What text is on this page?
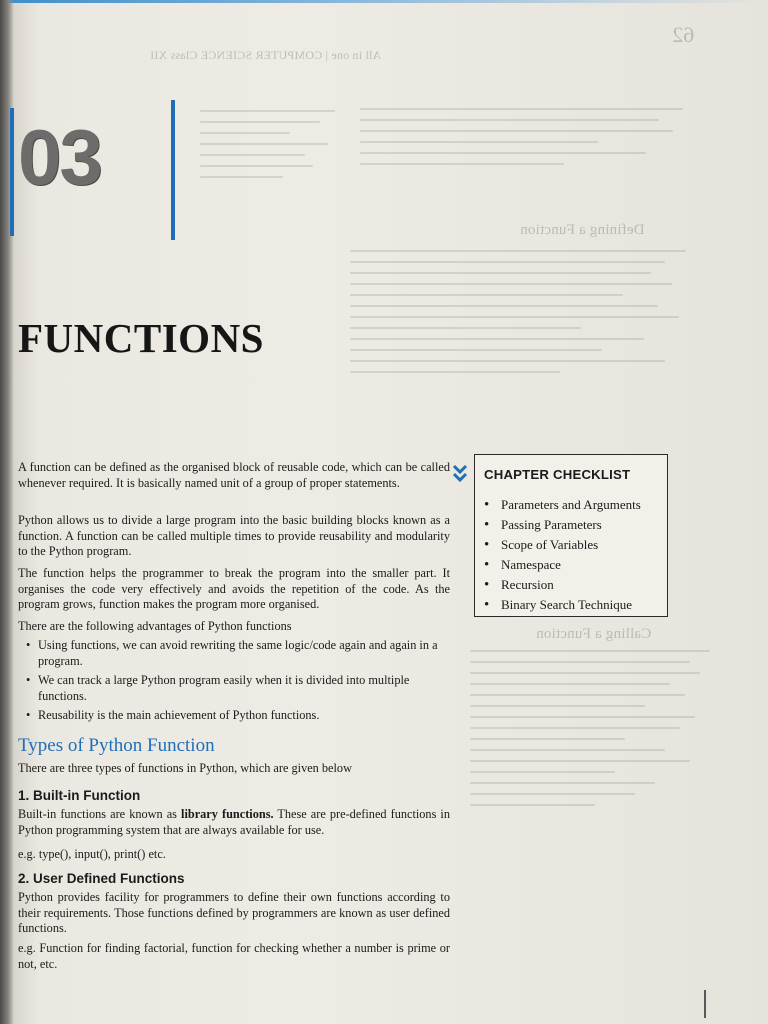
All in one | COMPUTER SCIENCE Class XII
62
Defining a Function
Calling a Function
03
FUNCTIONS
A function can be defined as the organised block of reusable code, which can be called whenever required. It is basically named unit of a group of proper statements.
Python allows us to divide a large program into the basic building blocks known as a function. A function can be called multiple times to provide reusability and modularity to the Python program.
The function helps the programmer to break the program into the smaller part. It organises the code very effectively and avoids the repetition of the code. As the program grows, function makes the program more organised.
There are the following advantages of Python functions
• Using functions, we can avoid rewriting the same logic/code again and again in a program.
• We can track a large Python program easily when it is divided into multiple functions.
• Reusability is the main achievement of Python functions.
Types of Python Function
There are three types of functions in Python, which are given below
1. Built-in Function
Built-in functions are known as library functions. These are pre-defined functions in Python programming system that are always available for use.
e.g. type(), input(), print() etc.
2. User Defined Functions
Python provides facility for programmers to define their own functions according to their requirements. Those functions defined by programmers are known as user defined functions.
e.g. Function for finding factorial, function for checking whether a number is prime or not, etc.
CHAPTER CHECKLIST
• Parameters and Arguments
• Passing Parameters
• Scope of Variables
• Namespace
• Recursion
• Binary Search Technique
